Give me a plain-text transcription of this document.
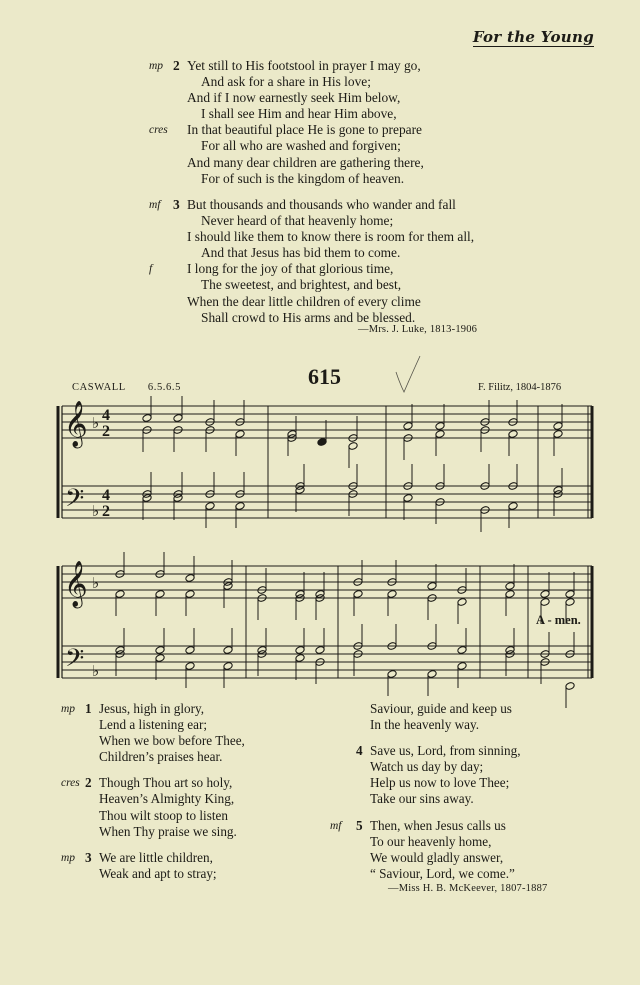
For the Young
mp 2 Yet still to His footstool in prayer I may go,
And ask for a share in His love;
And if I now earnestly seek Him below,
I shall see Him and hear Him above,
cres	In that beautiful place He is gone to prepare
For all who are washed and forgiven;
And many dear children are gathering there,
For of such is the kingdom of heaven.
mf 3 But thousands and thousands who wander and fall
Never heard of that heavenly home;
I should like them to know there is room for them all,
And that Jesus has bid them to come.
f	I long for the joy of that glorious time,
The sweetest, and brightest, and best,
When the dear little children of every clime
Shall crowd to His arms and be blessed.
—Mrs. J. Luke, 1813-1906
CASWALL 6.5.6.5	615	F. Filitz, 1804-1876
𝄞
𝄢
♭
♭
4
4
2
2
𝄞
𝄢
♭
♭
A - men.
mp 1 Jesus, high in glory,
Lend a listening ear;
When we bow before Thee,
Children’s praises hear.
cres 2 Though Thou art so holy,
Heaven’s Almighty King,
Thou wilt stoop to listen
When Thy praise we sing.
mp 3 We are little children,
Weak and apt to stray;
Saviour, guide and keep us
In the heavenly way.
4 Save us, Lord, from sinning,
Watch us day by day;
Help us now to love Thee;
Take our sins away.
mf	5 Then, when Jesus calls us
To our heavenly home,
We would gladly answer,
“ Saviour, Lord, we come.”
—Miss H. B. McKeever, 1807-1887
